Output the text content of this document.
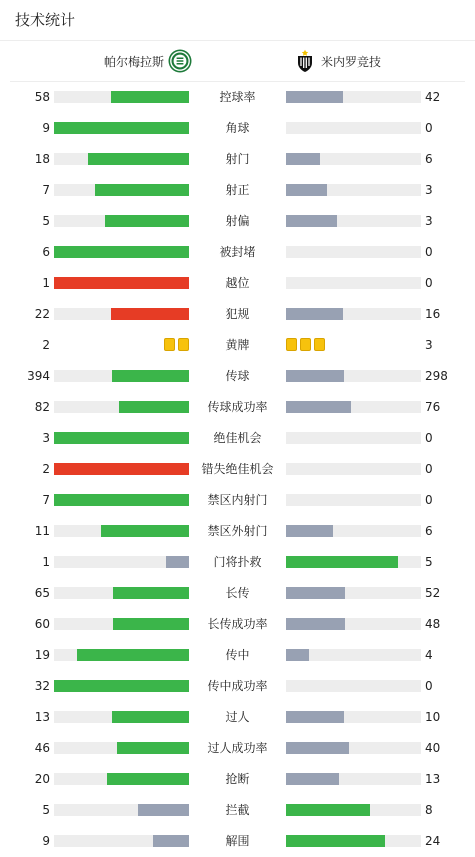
技术统计
帕尔梅拉斯	米内罗竞技
58	控球率	42
9	角球	0
18	射门	6
7	射正	3
5	射偏	3
6	被封堵	0
1	越位	0
22	犯规	16
2	黄牌	3
394	传球	298
82	传球成功率	76
3	绝佳机会	0
2	错失绝佳机会	0
7	禁区内射门	0
11	禁区外射门	6
1	门将扑救	5
65	长传	52
60	长传成功率	48
19	传中	4
32	传中成功率	0
13	过人	10
46	过人成功率	40
20	抢断	13
5	拦截	8
9	解围	24
